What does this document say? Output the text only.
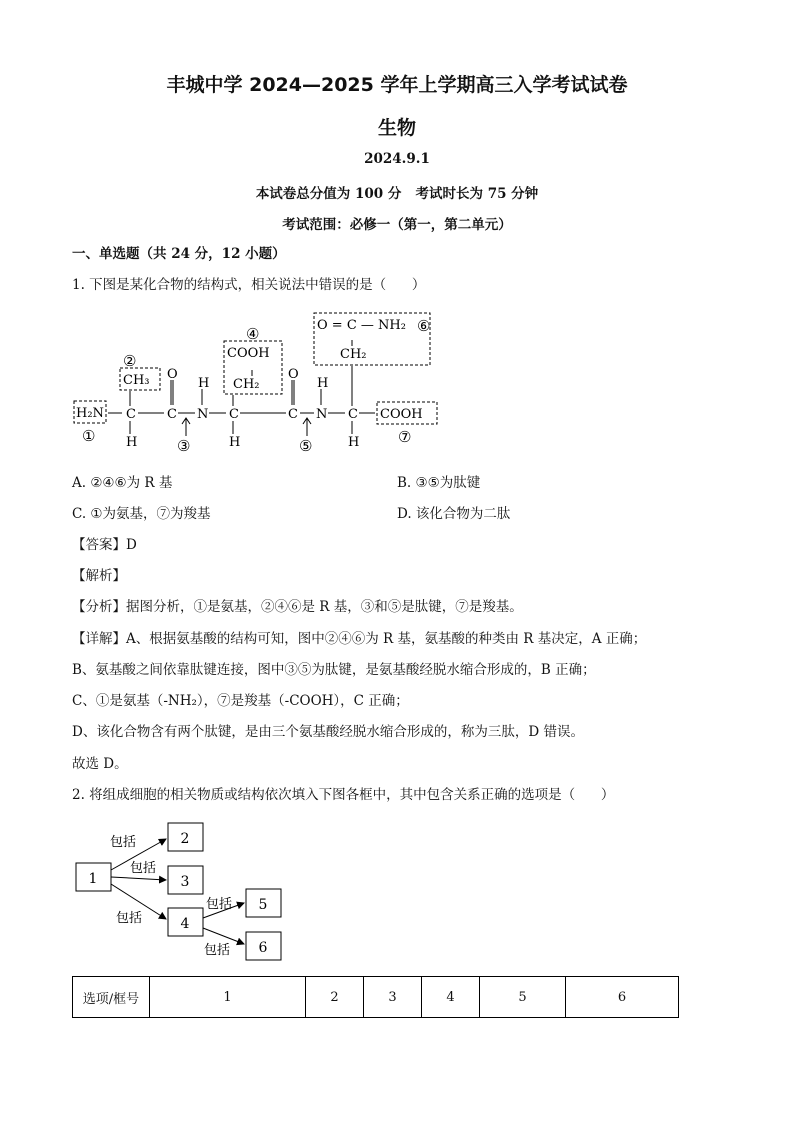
丰城中学 2024—2025 学年上学期高三入学考试试卷
生物
2024.9.1
本试卷总分值为 100 分   考试时长为 75 分钟
考试范围：必修一（第一，第二单元）
一、单选题（共 24 分，12 小题）
1. 下图是某化合物的结构式，相关说法中错误的是（      ）
H₂N
CH₃
COOH
CH₂
O = C — NH₂
CH₂
COOH
C C N C	C N C
H	H	H
H	H
O	O
①
②
③
④
⑤
⑥
⑦
A. ②④⑥为 R 基	B. ③⑤为肽键
C. ①为氨基，⑦为羧基	D. 该化合物为二肽
【答案】D
【解析】
【分析】据图分析，①是氨基，②④⑥是 R 基，③和⑤是肽键，⑦是羧基。
【详解】A、根据氨基酸的结构可知，图中②④⑥为 R 基，氨基酸的种类由 R 基决定，A 正确；
B、氨基酸之间依靠肽键连接，图中③⑤为肽键，是氨基酸经脱水缩合形成的，B 正确；
C、①是氨基（-NH₂），⑦是羧基（-COOH），C 正确；
D、该化合物含有两个肽键，是由三个氨基酸经脱水缩合形成的，称为三肽，D 错误。
故选 D。
2. 将组成细胞的相关物质或结构依次填入下图各框中，其中包含关系正确的选项是（      ）
1
2
3
4
5
6
包括
包括
包括
包括
包括
选项/框号	1	2	3	4	5	6
